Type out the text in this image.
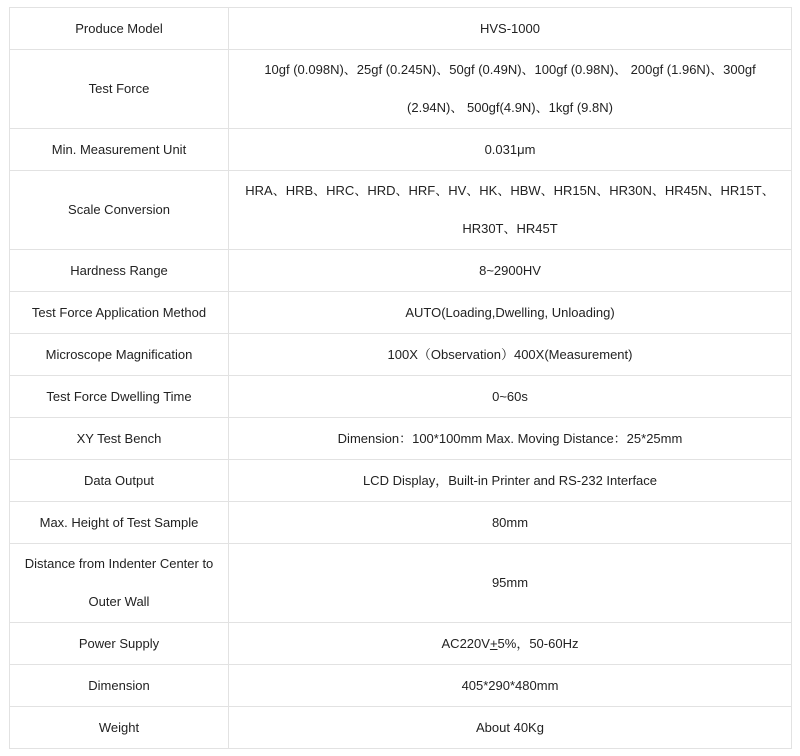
Produce Model	HVS-1000
Test Force	10gf (0.098N)、25gf (0.245N)、50gf (0.49N)、100gf (0.98N)、 200gf (1.96N)、300gf (2.94N)、 500gf(4.9N)、1kgf (9.8N)
Min. Measurement Unit	0.031μm
Scale Conversion	HRA、HRB、HRC、HRD、HRF、HV、HK、HBW、HR15N、HR30N、HR45N、HR15T、HR30T、HR45T
Hardness Range	8~2900HV
Test Force Application Method	AUTO(Loading,Dwelling, Unloading)
Microscope Magnification	100X（Observation）400X(Measurement)
Test Force Dwelling Time	0~60s
XY Test Bench	Dimension：100*100mm Max. Moving Distance：25*25mm
Data Output	LCD Display，Built-in Printer and RS-232 Interface
Max. Height of Test Sample	80mm
Distance from Indenter Center to Outer Wall	95mm
Power Supply	AC220V+5%，50-60Hz
Dimension	405*290*480mm
Weight	About 40Kg
